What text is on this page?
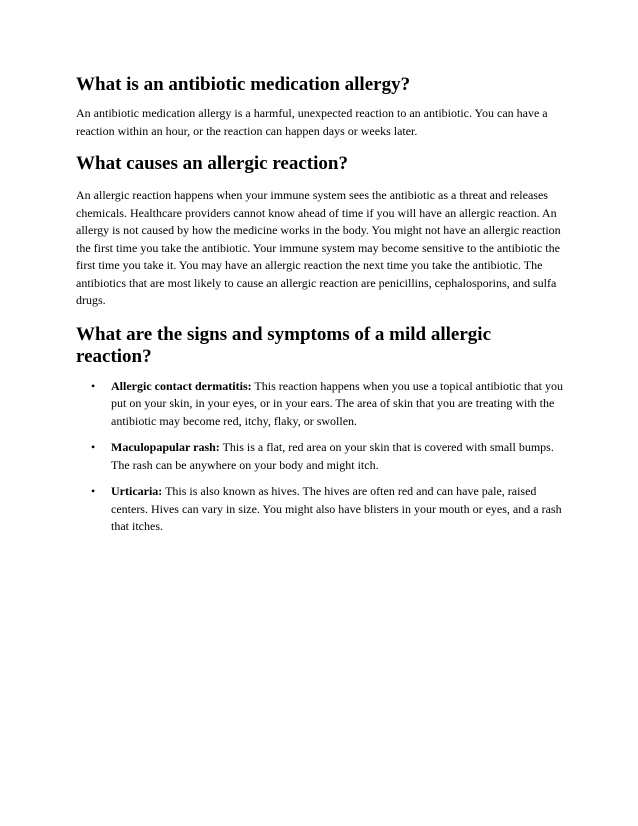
What is an antibiotic medication allergy?

An antibiotic medication allergy is a harmful, unexpected reaction to an antibiotic. You can have a reaction within an hour, or the reaction can happen days or weeks later.

What causes an allergic reaction?

An allergic reaction happens when your immune system sees the antibiotic as a threat and releases chemicals. Healthcare providers cannot know ahead of time if you will have an allergic reaction. An allergy is not caused by how the medicine works in the body. You might not have an allergic reaction the first time you take the antibiotic. Your immune system may become sensitive to the antibiotic the first time you take it. You may have an allergic reaction the next time you take the antibiotic. The antibiotics that are most likely to cause an allergic reaction are penicillins, cephalosporins, and sulfa drugs.

What are the signs and symptoms of a mild allergic reaction?
• Allergic contact dermatitis: This reaction happens when you use a topical antibiotic that you put on your skin, in your eyes, or in your ears. The area of skin that you are treating with the antibiotic may become red, itchy, flaky, or swollen.
• Maculopapular rash: This is a flat, red area on your skin that is covered with small bumps. The rash can be anywhere on your body and might itch.
• Urticaria: This is also known as hives. The hives are often red and can have pale, raised centers. Hives can vary in size. You might also have blisters in your mouth or eyes, and a rash that itches.
